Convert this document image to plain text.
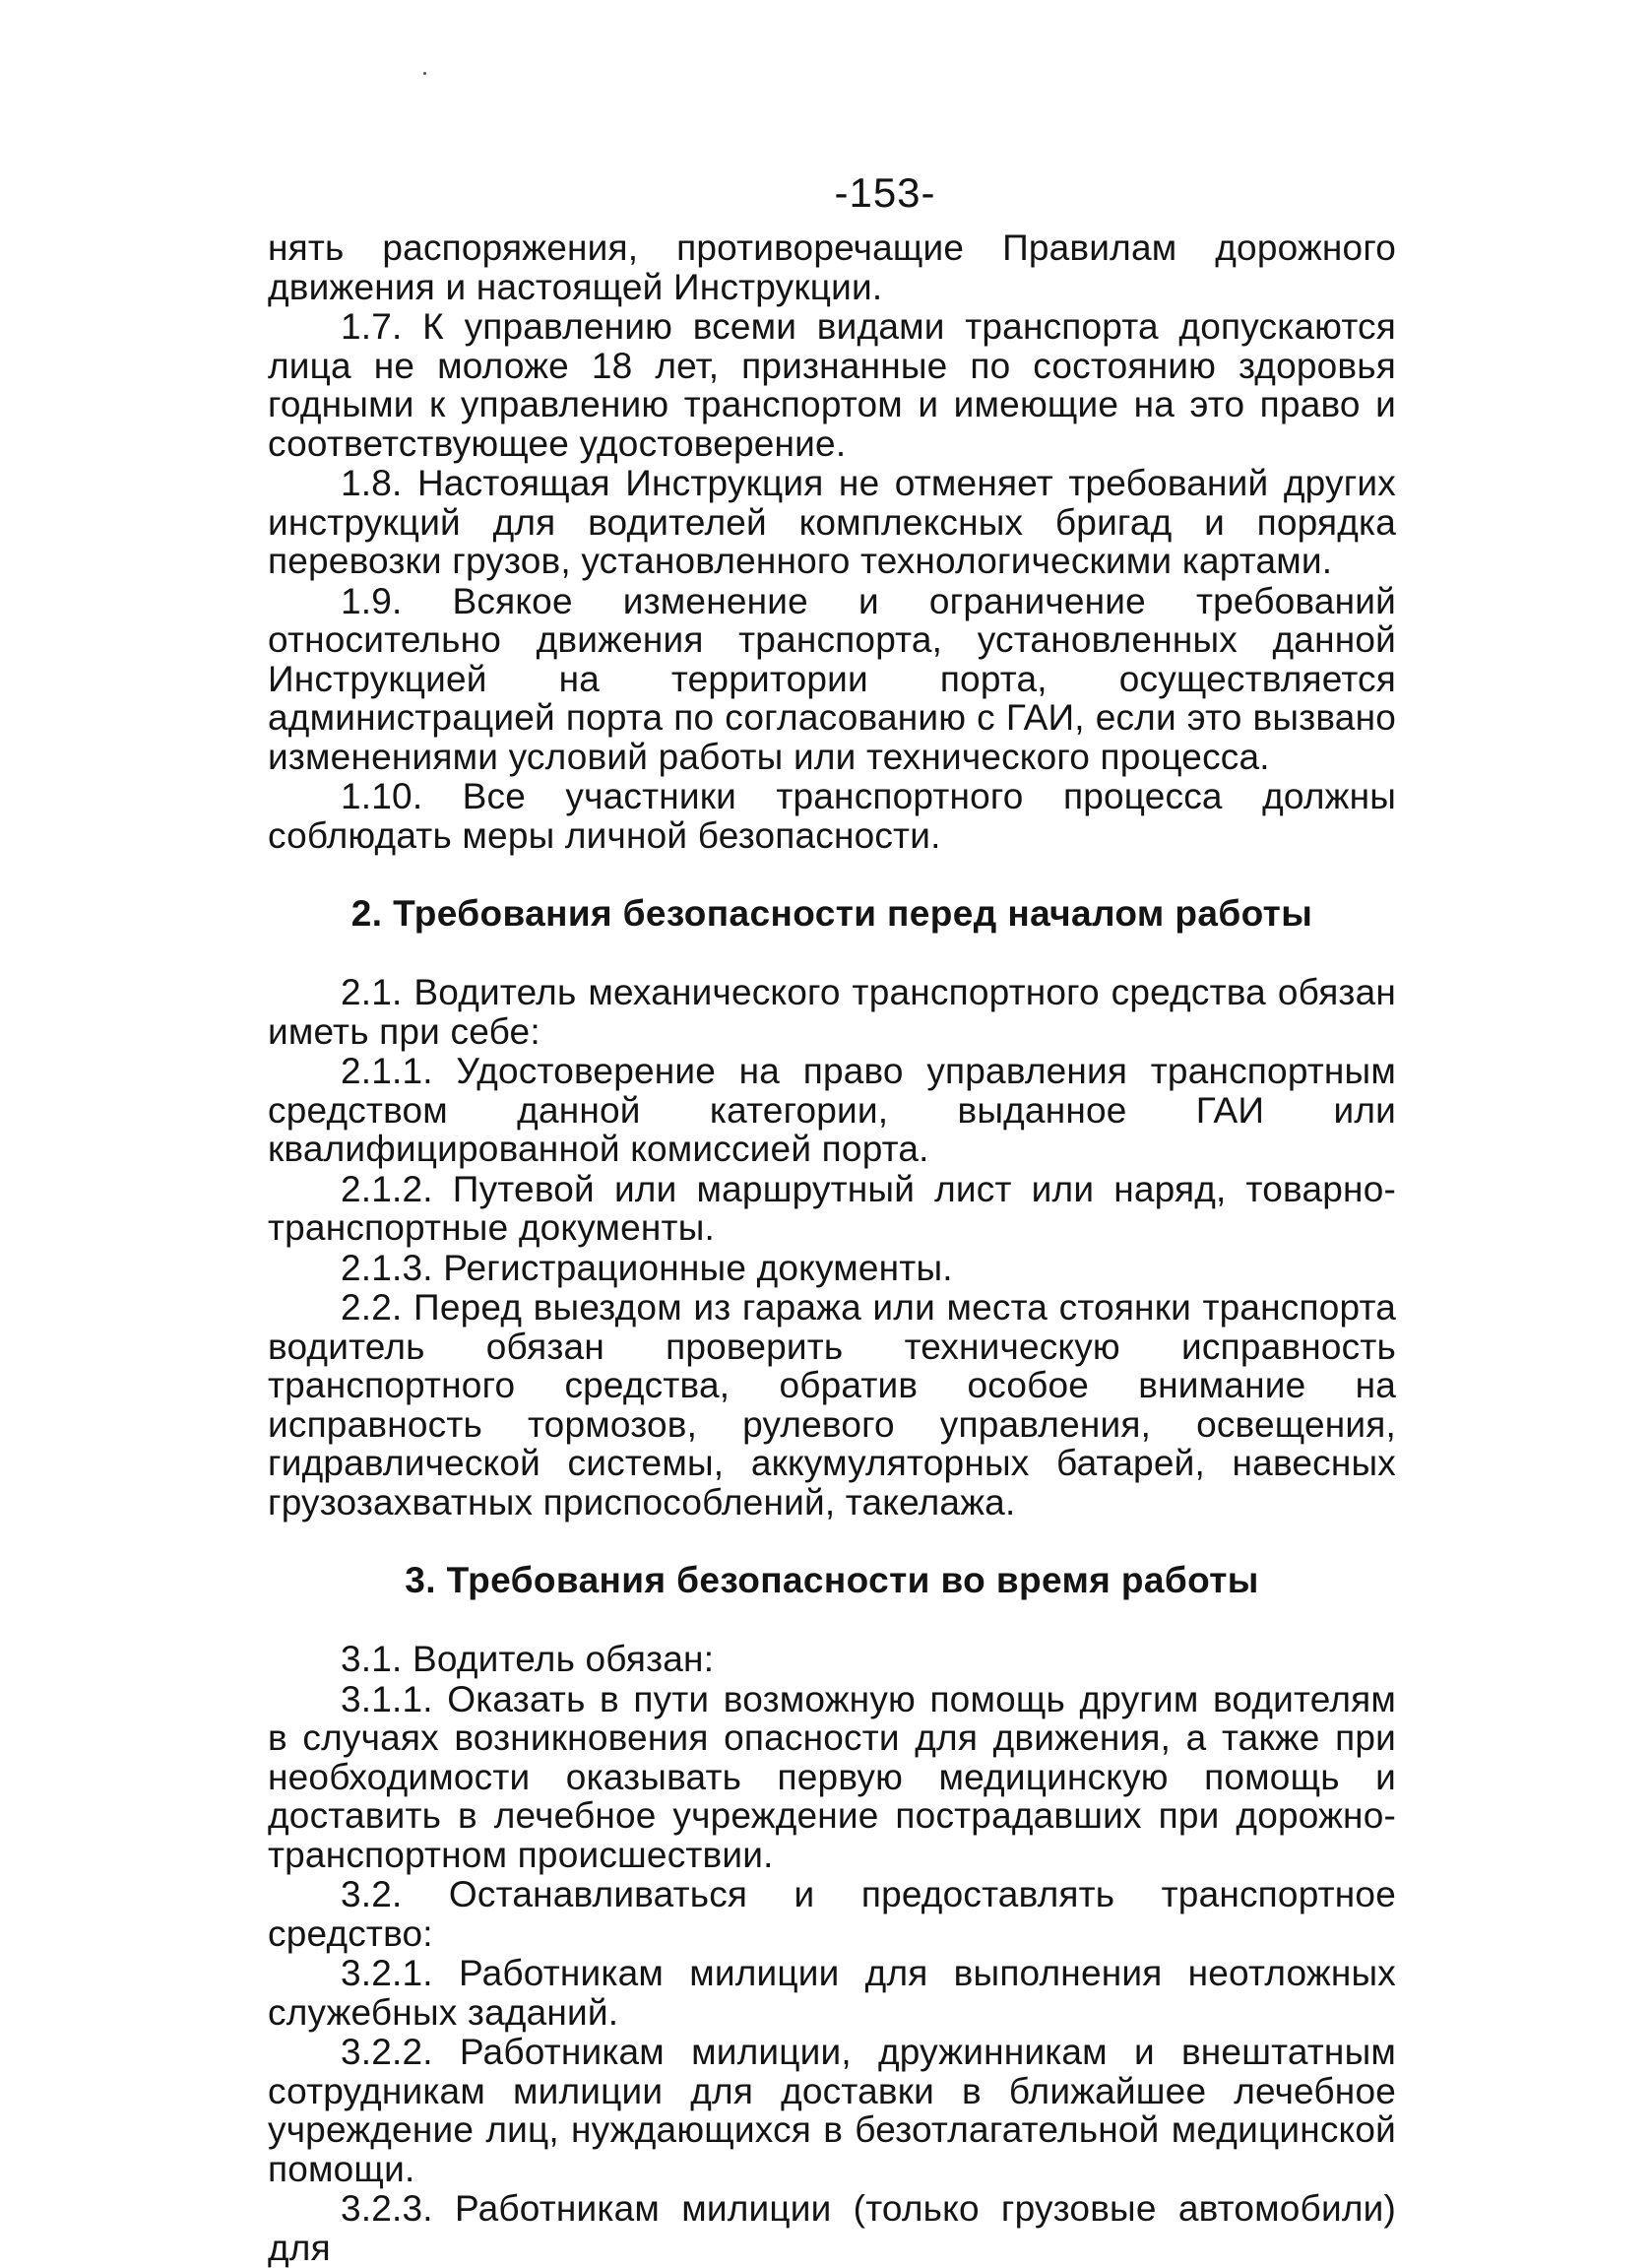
-153-

нять распоряжения, противоречащие Правилам дорожного движения и настоящей Инструкции.

1.7. К управлению всеми видами транспорта допускаются лица не моложе 18 лет, признанные по состоянию здоровья годными к управлению транспортом и имеющие на это право и соответствующее удостоверение.

1.8. Настоящая Инструкция не отменяет требований других инструкций для водителей комплексных бригад и порядка перевозки грузов, установленного технологическими картами.

1.9. Всякое изменение и ограничение требований относительно движения транспорта, установленных данной Инструкцией на территории порта, осуществляется администрацией порта по согласованию с ГАИ, если это вызвано изменениями условий работы или технического процесса.

1.10. Все участники транспортного процесса должны соблюдать меры личной безопасности.

2. Требования безопасности перед началом работы

2.1. Водитель механического транспортного средства обязан иметь при себе:

2.1.1. Удостоверение на право управления транспортным средством данной категории, выданное ГАИ или квалифицированной комиссией порта.

2.1.2. Путевой или маршрутный лист или наряд, товарно-транспортные документы.

2.1.3. Регистрационные документы.

2.2. Перед выездом из гаража или места стоянки транспорта водитель обязан проверить техническую исправность транспортного средства, обратив особое внимание на исправность тормозов, рулевого управления, освещения, гидравлической системы, аккумуляторных батарей, навесных грузозахватных приспособлений, такелажа.

3. Требования безопасности во время работы

3.1. Водитель обязан:

3.1.1. Оказать в пути возможную помощь другим водителям в случаях возникновения опасности для движения, а также при необходимости оказывать первую медицинскую помощь и доставить в лечебное учреждение пострадавших при дорожно-транспортном происшествии.

3.2. Останавливаться и предоставлять транспортное средство:

3.2.1. Работникам милиции для выполнения неотложных служебных заданий.

3.2.2. Работникам милиции, дружинникам и внештатным сотрудникам милиции для доставки в ближайшее лечебное учреждение лиц, нуждающихся в безотлагательной медицинской помощи.

3.2.3. Работникам милиции (только грузовые автомобили) для
